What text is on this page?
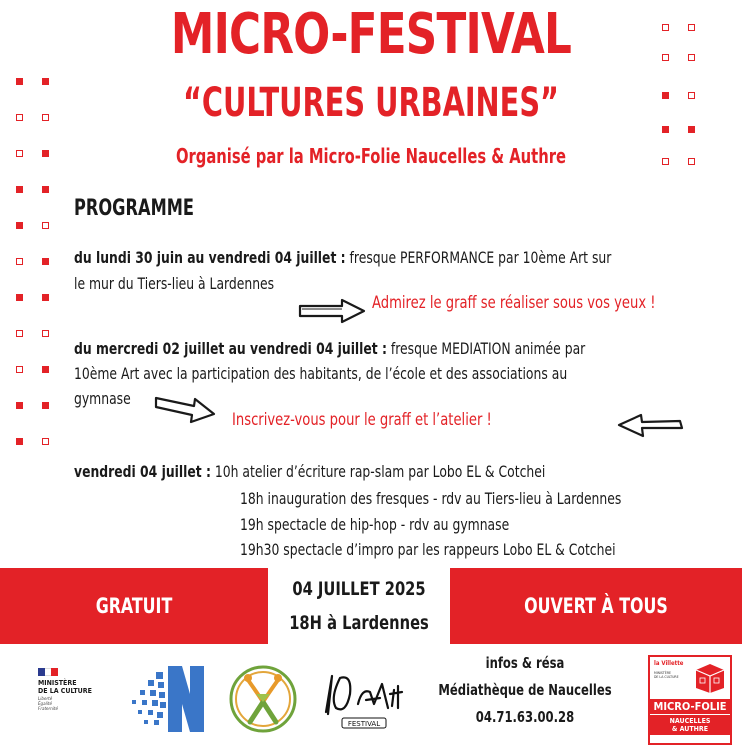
MICRO-FESTIVAL
“CULTURES URBAINES”
Organisé par la Micro-Folie Naucelles & Authre
PROGRAMME
du lundi 30 juin au vendredi 04 juillet : fresque PERFORMANCE par 10ème Art sur
le mur du Tiers-lieu à Lardennes
Admirez le graff se réaliser sous vos yeux !
du mercredi 02 juillet au vendredi 04 juillet : fresque MEDIATION animée par
10ème Art avec la participation des habitants, de l’école et des associations au
gymnase
Inscrivez-vous pour le graff et l’atelier !
vendredi 04 juillet : 10h atelier d’écriture rap-slam par Lobo EL & Cotchei
18h inauguration des fresques - rdv au Tiers-lieu à Lardennes
19h spectacle de hip-hop - rdv au gymnase
19h30 spectacle d’impro par les rappeurs Lobo EL & Cotchei
GRATUIT
04 JUILLET 2025
18H à Lardennes
OUVERT À TOUS
MINISTÈRE
DE LA CULTURE
Liberté
Égalité
Fraternité
FESTIVAL
infos & résa
Médiathèque de Naucelles
04.71.63.00.28
la Villette
MINISTÈRE
DE LA CULTURE
MICRO-FOLIE
NAUCELLES
& AUTHRE
